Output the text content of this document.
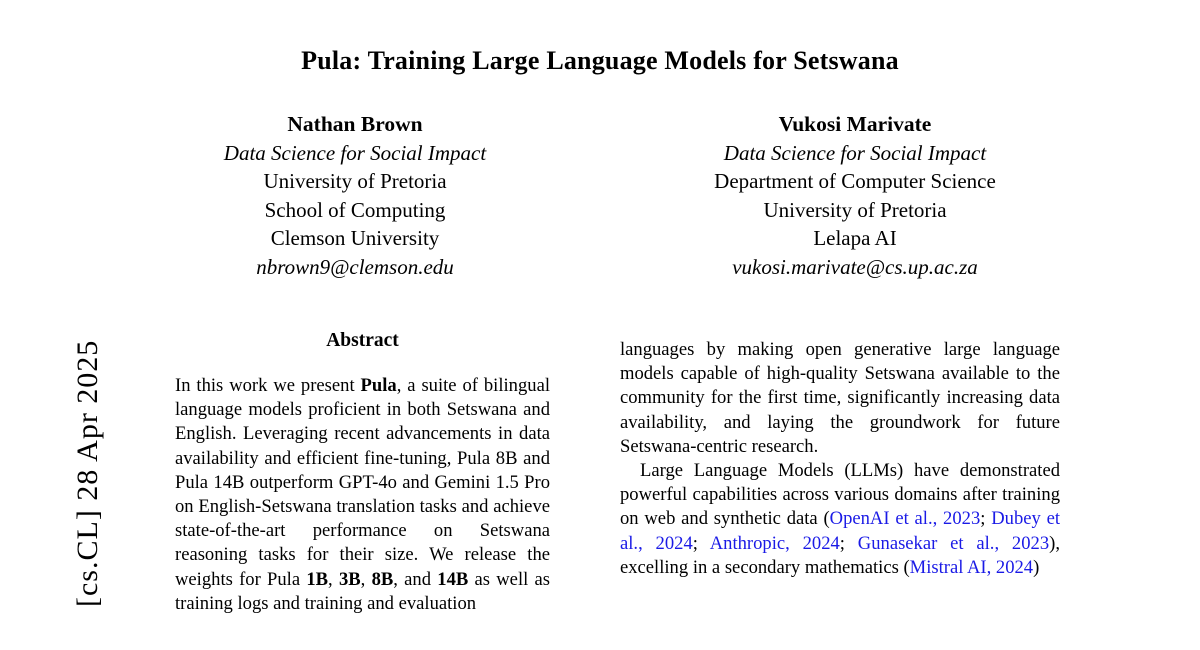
[cs.CL] 28 Apr 2025
Pula: Training Large Language Models for Setswana
Nathan Brown
Data Science for Social Impact
University of Pretoria
School of Computing
Clemson University
nbrown9@clemson.edu
Vukosi Marivate
Data Science for Social Impact
Department of Computer Science
University of Pretoria
Lelapa AI
vukosi.marivate@cs.up.ac.za
Abstract
In this work we present Pula, a suite of bilingual language models proficient in both Setswana and English. Leveraging recent advancements in data availability and efficient fine-tuning, Pula 8B and Pula 14B outperform GPT-4o and Gemini 1.5 Pro on English-Setswana translation tasks and achieve state-of-the-art performance on Setswana reasoning tasks for their size. We release the weights for Pula 1B, 3B, 8B, and 14B as well as training logs and training and evaluation
languages by making open generative large language models capable of high-quality Setswana available to the community for the first time, significantly increasing data availability, and laying the groundwork for future Setswana-centric research.
Large Language Models (LLMs) have demonstrated powerful capabilities across various domains after training on web and synthetic data (OpenAI et al., 2023; Dubey et al., 2024; Anthropic, 2024; Gunasekar et al., 2023), excelling in a secondary mathematics (Mistral AI, 2024)
